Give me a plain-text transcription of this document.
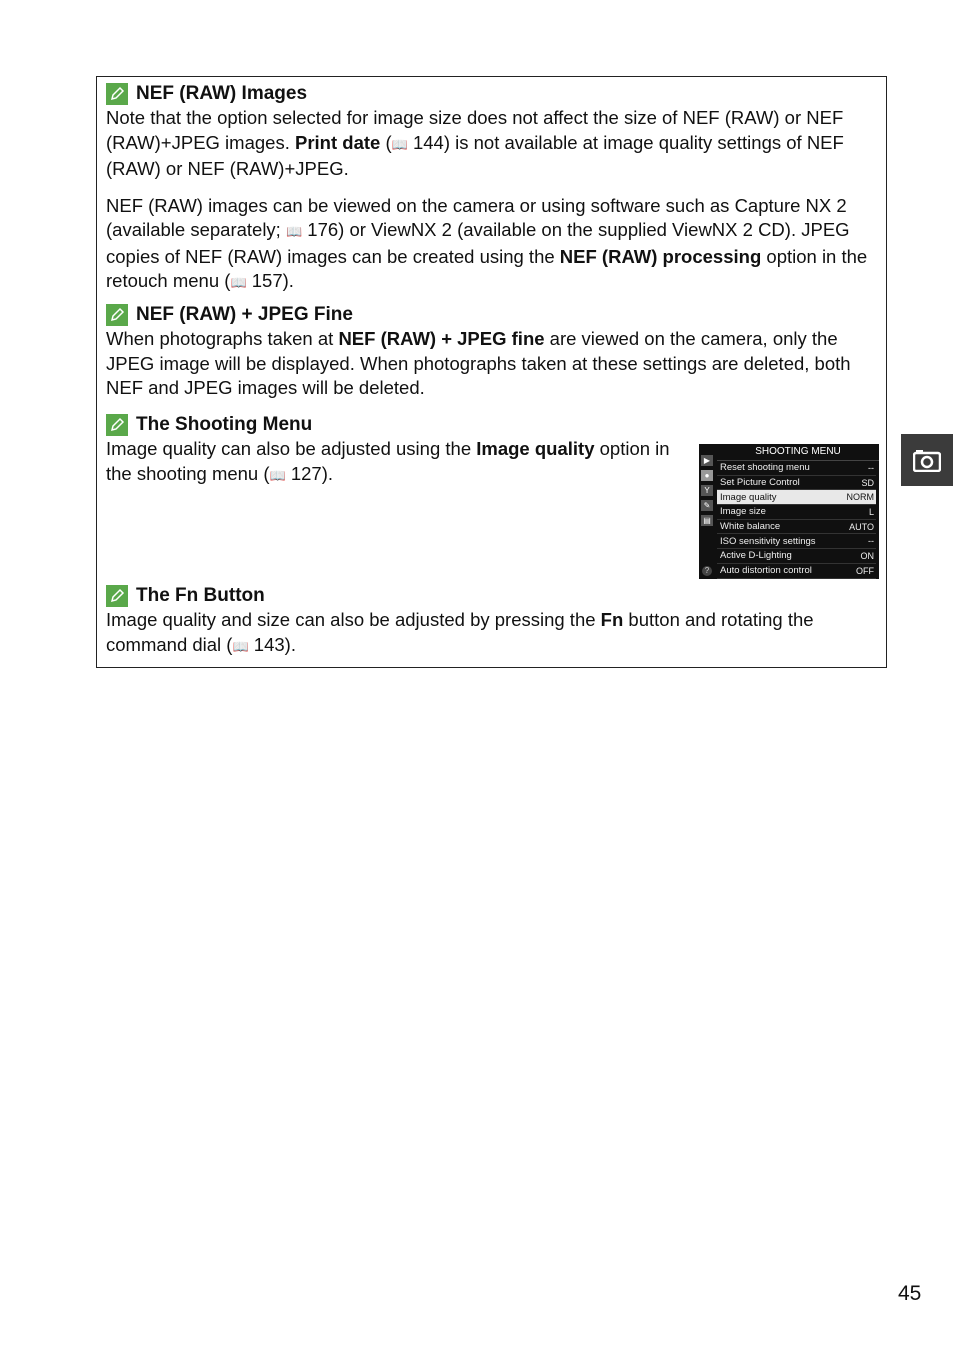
NEF (RAW) Images

Note that the option selected for image size does not affect the size of NEF (RAW) or NEF (RAW)+JPEG images. Print date (📖 144) is not available at image quality settings of NEF (RAW) or NEF (RAW)+JPEG.

NEF (RAW) images can be viewed on the camera or using software such as Capture NX 2 (available separately; 📖 176) or ViewNX 2 (available on the supplied ViewNX 2 CD). JPEG copies of NEF (RAW) images can be created using the NEF (RAW) processing option in the retouch menu (📖 157).

NEF (RAW) + JPEG Fine

When photographs taken at NEF (RAW) + JPEG fine are viewed on the camera, only the JPEG image will be displayed. When photographs taken at these settings are deleted, both NEF and JPEG images will be deleted.

The Shooting Menu

Image quality can also be adjusted using the Image quality option in the shooting menu (📖 127).

▶
●
Y
✎
▤
SHOOTING MENU
Reset shooting menu	--
Set Picture Control	SD
Image quality	NORM
Image size	L
White balance	AUTO
ISO sensitivity settings	--
Active D-Lighting	ON
Auto distortion control	OFF
?
The Fn Button

Image quality and size can also be adjusted by pressing the Fn button and rotating the command dial (📖 143).

45
